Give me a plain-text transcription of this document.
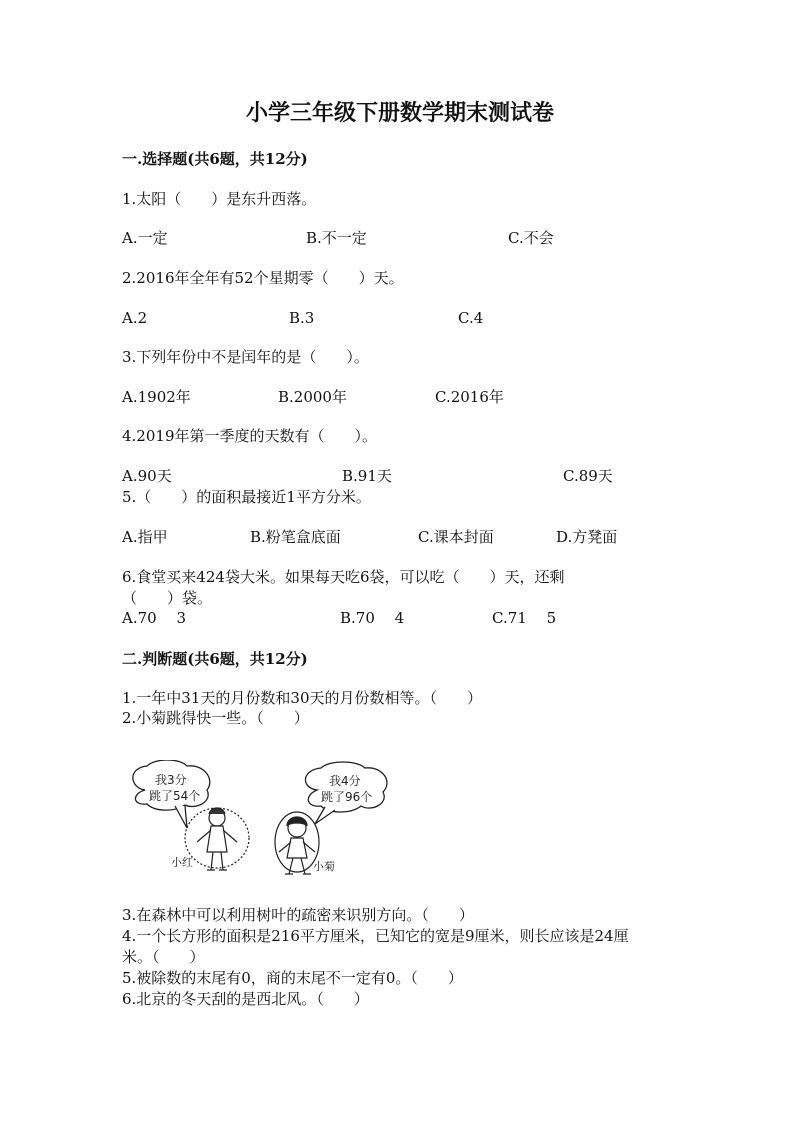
小学三年级下册数学期末测试卷
一.选择题(共6题，共12分)
1.太阳（　　）是东升西落。
A.一定	B.不一定	C.不会
2.2016年全年有52个星期零（　　）天。
A.2	B.3	C.4
3.下列年份中不是闰年的是（　　）。
A.1902年	B.2000年	C.2016年
4.2019年第一季度的天数有（　　）。
A.90天	B.91天	C.89天
5.（　　）的面积最接近1平方分米。
A.指甲	B.粉笔盒底面	C.课本封面	D.方凳面
6.食堂买来424袋大米。如果每天吃6袋，可以吃（　　）天，还剩
（　　）袋。
A.70　 3	B.70　 4	C.71　 5
二.判断题(共6题，共12分)
1.一年中31天的月份数和30天的月份数相等。（　　）
2.小菊跳得快一些。（　　）
我3分
跳了54个
小红
我4分
跳了96个
小菊
3.在森林中可以利用树叶的疏密来识别方向。（　　）
4.一个长方形的面积是216平方厘米，已知它的宽是9厘米，则长应该是24厘
米。（　　）
5.被除数的末尾有0，商的末尾不一定有0。（　　）
6.北京的冬天刮的是西北风。（　　）
